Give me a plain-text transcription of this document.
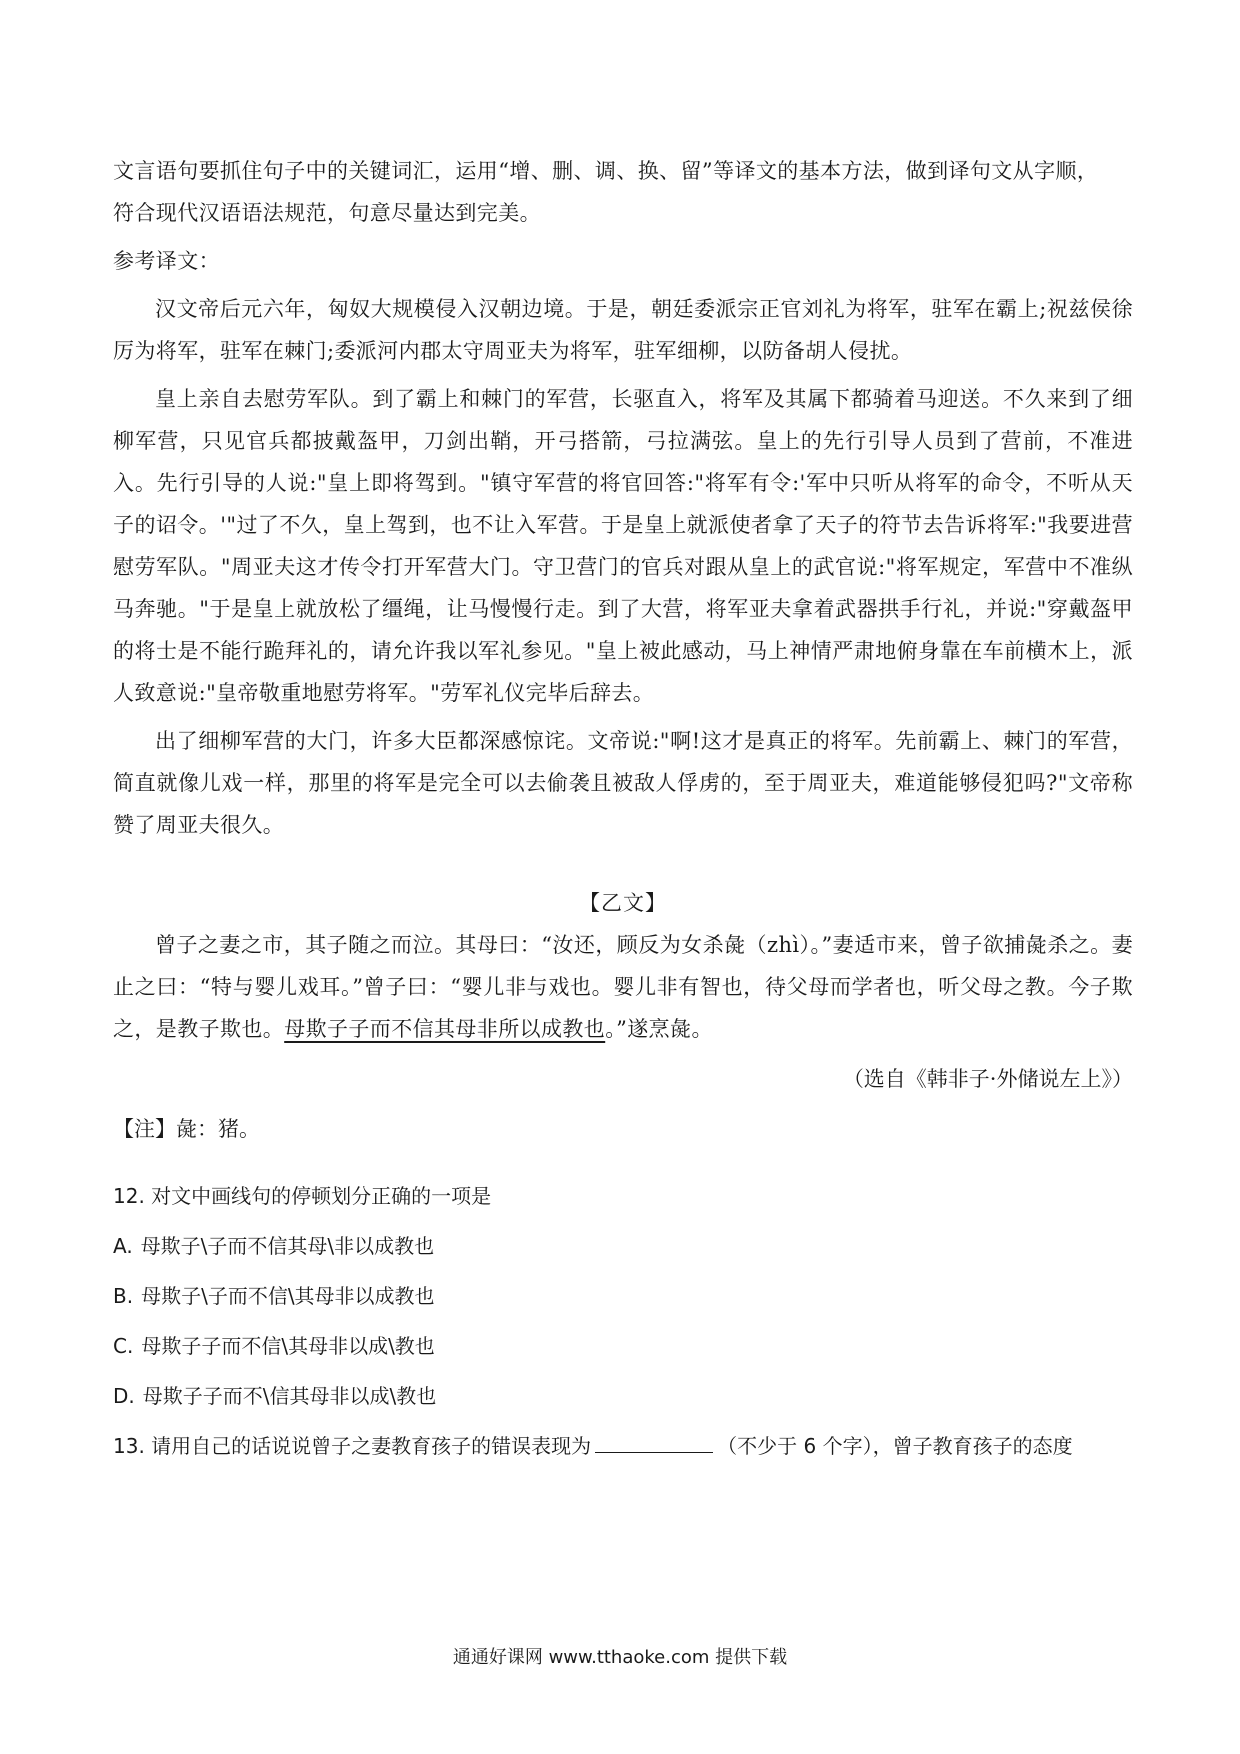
文言语句要抓住句子中的关键词汇，运用“增、删、调、换、留”等译文的基本方法，做到译句文从字顺，

符合现代汉语语法规范，句意尽量达到完美。

参考译文：

汉文帝后元六年，匈奴大规模侵入汉朝边境。于是，朝廷委派宗正官刘礼为将军，驻军在霸上;祝兹侯徐厉为将军，驻军在棘门;委派河内郡太守周亚夫为将军，驻军细柳，以防备胡人侵扰。

皇上亲自去慰劳军队。到了霸上和棘门的军营，长驱直入，将军及其属下都骑着马迎送。不久来到了细柳军营，只见官兵都披戴盔甲，刀剑出鞘，开弓搭箭，弓拉满弦。皇上的先行引导人员到了营前，不准进入。先行引导的人说:"皇上即将驾到。"镇守军营的将官回答:"将军有令:'军中只听从将军的命令，不听从天子的诏令。'"过了不久，皇上驾到，也不让入军营。于是皇上就派使者拿了天子的符节去告诉将军:"我要进营慰劳军队。"周亚夫这才传令打开军营大门。守卫营门的官兵对跟从皇上的武官说:"将军规定，军营中不准纵马奔驰。"于是皇上就放松了缰绳，让马慢慢行走。到了大营，将军亚夫拿着武器拱手行礼，并说:"穿戴盔甲的将士是不能行跪拜礼的，请允许我以军礼参见。"皇上被此感动，马上神情严肃地俯身靠在车前横木上，派人致意说:"皇帝敬重地慰劳将军。"劳军礼仪完毕后辞去。

出了细柳军营的大门，许多大臣都深感惊诧。文帝说:"啊!这才是真正的将军。先前霸上、棘门的军营，简直就像儿戏一样，那里的将军是完全可以去偷袭且被敌人俘虏的，至于周亚夫，难道能够侵犯吗?"文帝称赞了周亚夫很久。

【乙文】

曾子之妻之市，其子随之而泣。其母曰：“汝还，顾反为女杀彘（zhì）。”妻适市来，曾子欲捕彘杀之。妻止之曰：“特与婴儿戏耳。”曾子曰：“婴儿非与戏也。婴儿非有智也，待父母而学者也，听父母之教。今子欺之，是教子欺也。母欺子子而不信其母非所以成教也。”遂烹彘。

（选自《韩非子·外储说左上》）

【注】彘：猪。

12. 对文中画线句的停顿划分正确的一项是

A. 母欺子\子而不信其母\非以成教也

B. 母欺子\子而不信\其母非以成教也

C. 母欺子子而不信\其母非以成\教也

D. 母欺子子而不\信其母非以成\教也

13. 请用自己的话说说曾子之妻教育孩子的错误表现为	（不少于 6 个字），曾子教育孩子的态度

通通好课网 www.tthaoke.com 提供下载
